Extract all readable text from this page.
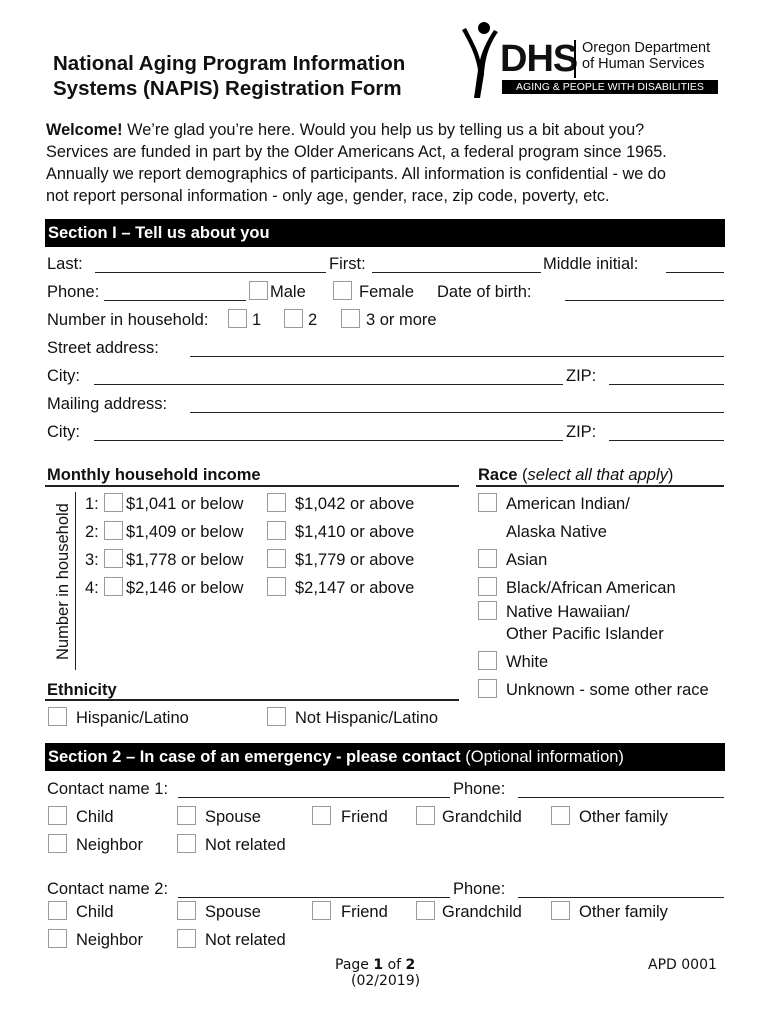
National Aging Program Information
Systems (NAPIS) Registration Form
DHS Oregon Department
of Human Services
AGING & PEOPLE WITH DISABILITIES
Welcome! We’re glad you’re here. Would you help us by telling us a bit about you?
Services are funded in part by the Older Americans Act, a federal program since 1965.
Annually we report demographics of participants. All information is confidential - we do
not report personal information - only age, gender, race, zip code, poverty, etc.
Section I – Tell us about you
Last:	First:	Middle initial:
Phone:	Male	Female Date of birth:
Number in household:	1	2	3 or more
Street address:
City:	ZIP:
Mailing address:
City:	ZIP:
Monthly household income
Number in household 1: $1,041 or below	$1,042 or above
2: $1,409 or below	$1,410 or above
3: $1,778 or below	$1,779 or above
4: $2,146 or below	$2,147 or above
Race (select all that apply)
American Indian/
Alaska Native
Asian
Black/African American
Native Hawaiian/
Other Pacific Islander
White
Unknown - some other race
Ethnicity
Hispanic/Latino	Not Hispanic/Latino
Section 2 – In case of an emergency - please contact (Optional information)
Contact name 1:	Phone:
Child	Spouse	Friend	Grandchild	Other family
Neighbor	Not related
Contact name 2:	Phone:
Child	Spouse	Friend	Grandchild	Other family
Neighbor	Not related
Page 1 of 2
(02/2019)
APD 0001
